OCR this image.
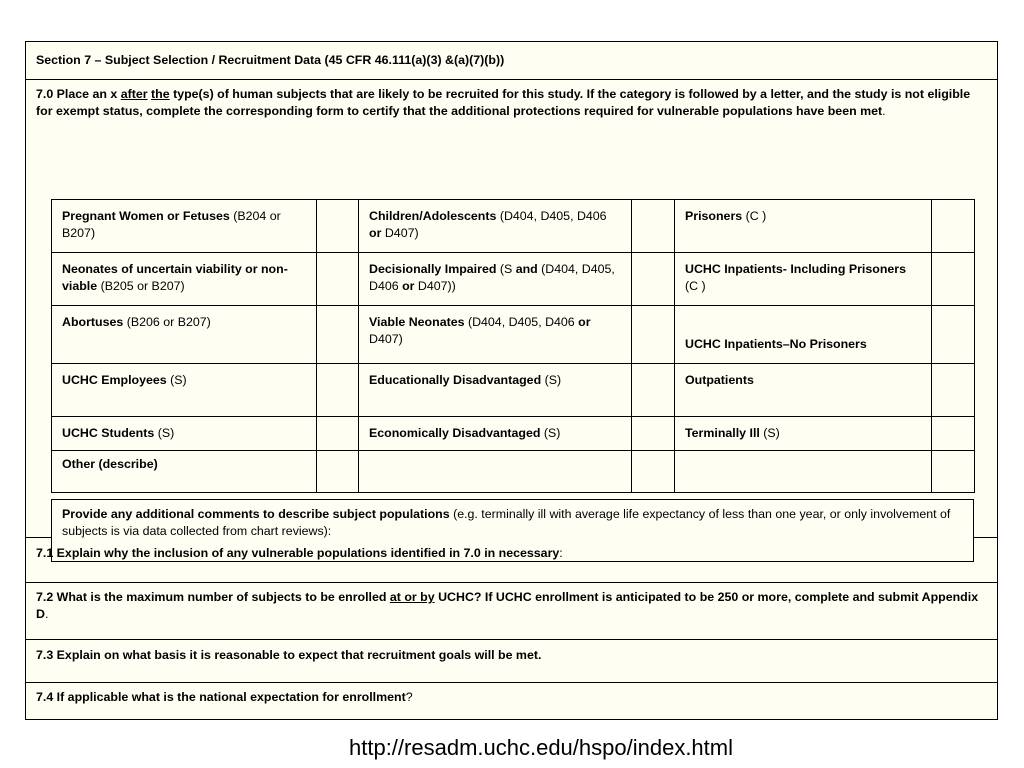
Section 7 – Subject Selection / Recruitment Data (45 CFR 46.111(a)(3) &(a)(7)(b))
7.0 Place an x after the type(s) of human subjects that are likely to be recruited for this study. If the category is followed by a letter, and the study is not eligible for exempt status, complete the corresponding form to certify that the additional protections required for vulnerable populations have been met.
Pregnant Women or Fetuses (B204 or B207)		Children/Adolescents (D404, D405, D406 or D407)		Prisoners (C )	
Neonates of uncertain viability or non-viable (B205 or B207)		Decisionally Impaired (S and (D404, D405, D406 or D407))		UCHC Inpatients- Including Prisoners (C )	
Abortuses (B206 or B207)		Viable Neonates (D404, D405, D406 or D407)		UCHC Inpatients–No Prisoners	
UCHC Employees (S)		Educationally Disadvantaged (S)		Outpatients	
UCHC Students (S)		Economically Disadvantaged (S)		Terminally Ill (S)	
Other (describe)					
Provide any additional comments to describe subject populations (e.g. terminally ill with average life expectancy of less than one year, or only involvement of subjects is via data collected from chart reviews):
7.1 Explain why the inclusion of any vulnerable populations identified in 7.0 in necessary:
7.2 What is the maximum number of subjects to be enrolled at or by UCHC? If UCHC enrollment is anticipated to be 250 or more, complete and submit Appendix D.
7.3 Explain on what basis it is reasonable to expect that recruitment goals will be met.
7.4 If applicable what is the national expectation for enrollment?
http://resadm.uchc.edu/hspo/index.html
